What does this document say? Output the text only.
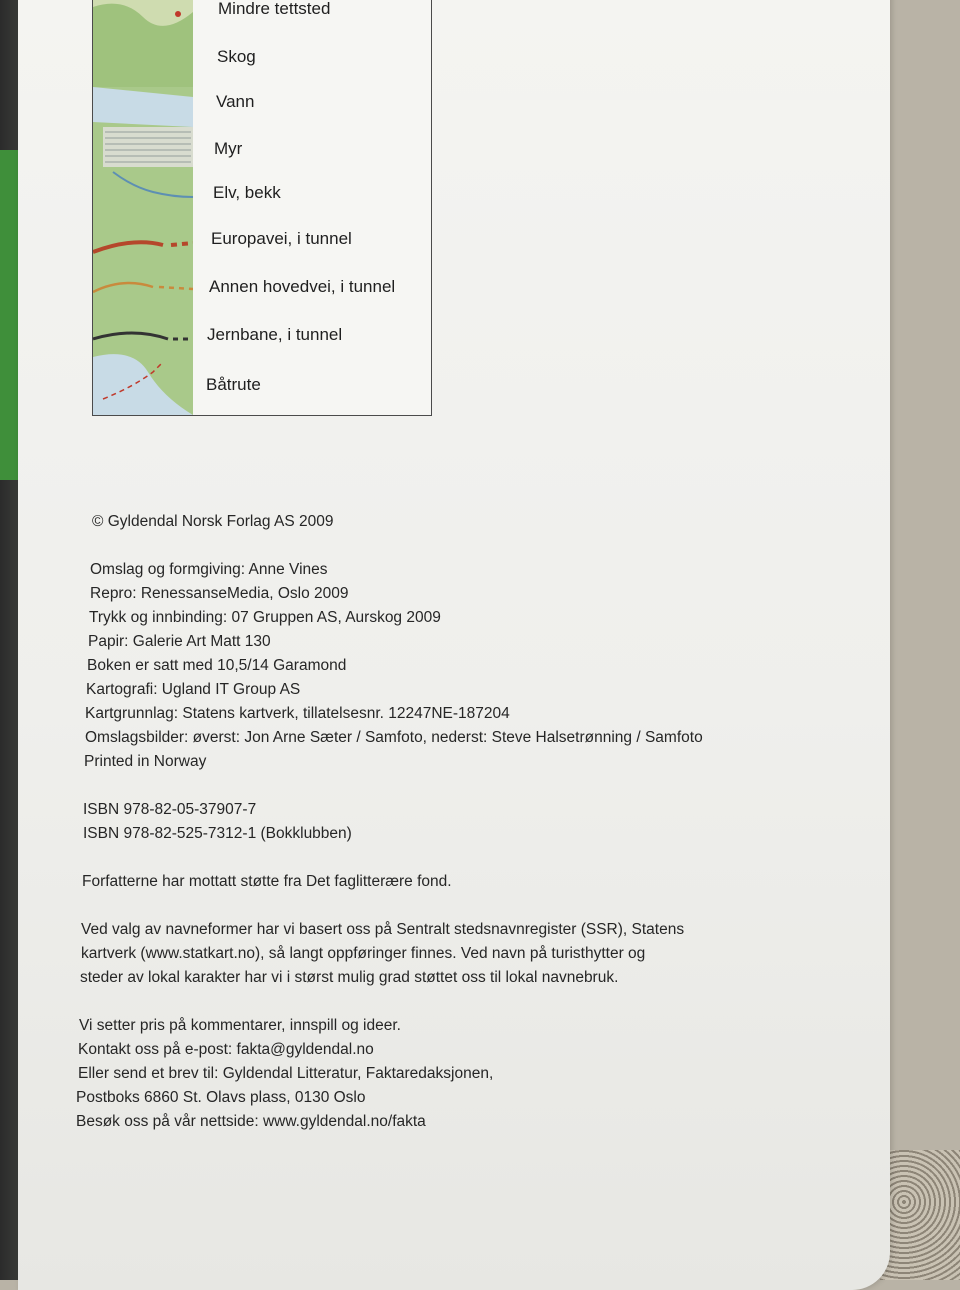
Mindre tettsted
Skog
Vann
Myr
Elv, bekk
Europavei, i tunnel
Annen hovedvei, i tunnel
Jernbane, i tunnel
Båtrute
© Gyldendal Norsk Forlag AS 2009
Omslag og formgiving: Anne Vines
Repro: RenessanseMedia, Oslo 2009
Trykk og innbinding: 07 Gruppen AS, Aurskog 2009
Papir: Galerie Art Matt 130
Boken er satt med 10,5/14 Garamond
Kartografi: Ugland IT Group AS
Kartgrunnlag: Statens kartverk, tillatelsesnr. 12247NE-187204
Omslagsbilder: øverst: Jon Arne Sæter / Samfoto, nederst: Steve Halsetrønning / Samfoto
Printed in Norway
ISBN 978-82-05-37907-7
ISBN 978-82-525-7312-1 (Bokklubben)
Forfatterne har mottatt støtte fra Det faglitterære fond.
Ved valg av navneformer har vi basert oss på Sentralt stedsnavnregister (SSR), Statens
kartverk (www.statkart.no), så langt oppføringer finnes. Ved navn på turisthytter og
steder av lokal karakter har vi i størst mulig grad støttet oss til lokal navnebruk.
Vi setter pris på kommentarer, innspill og ideer.
Kontakt oss på e-post: fakta@gyldendal.no
Eller send et brev til: Gyldendal Litteratur, Faktaredaksjonen,
Postboks 6860 St. Olavs plass, 0130 Oslo
Besøk oss på vår nettside: www.gyldendal.no/fakta
